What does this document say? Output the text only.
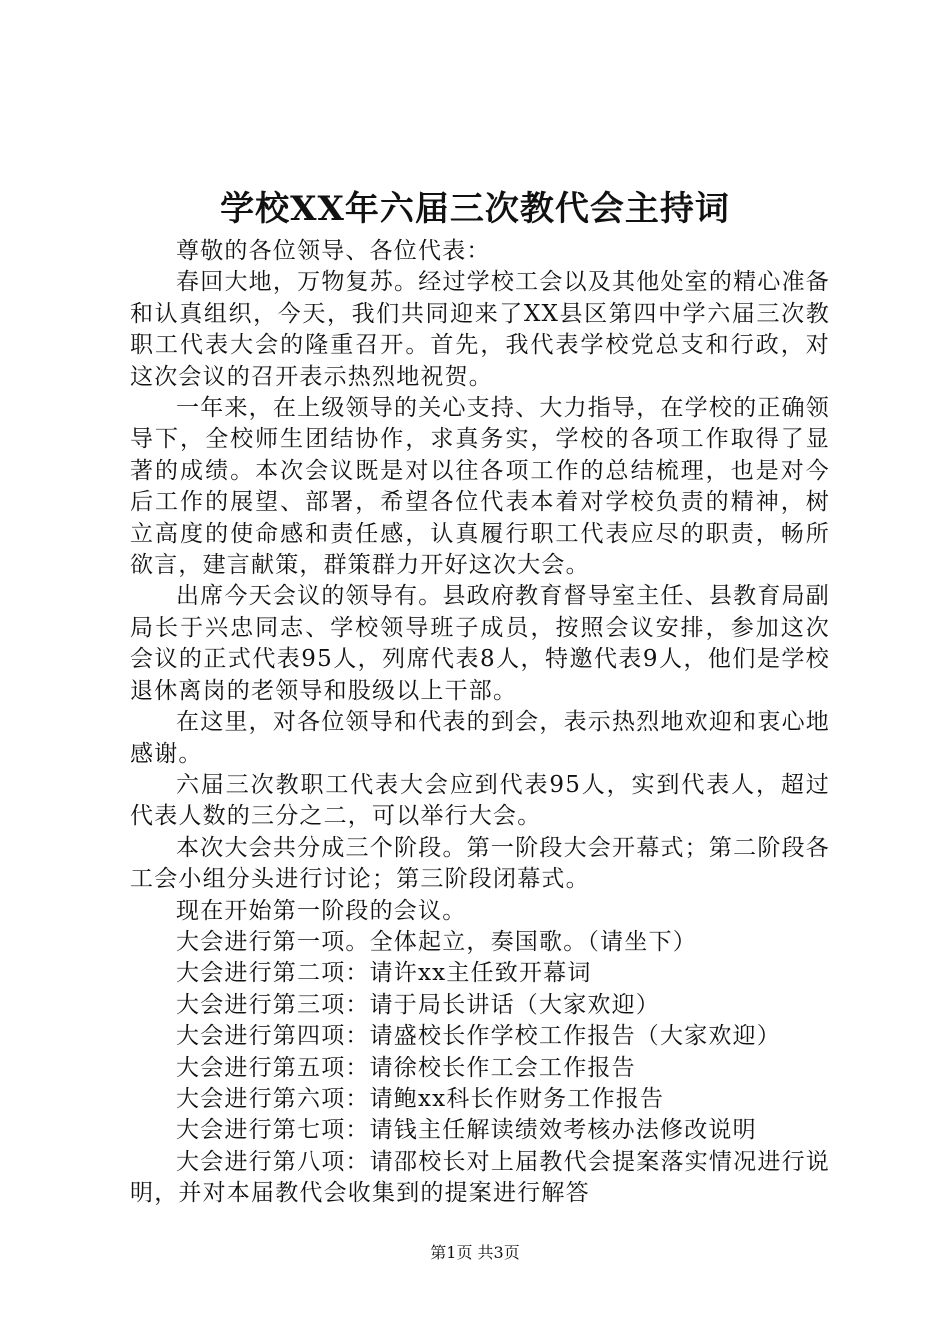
学校XX年六届三次教代会主持词

尊敬的各位领导、各位代表：

春回大地，万物复苏。经过学校工会以及其他处室的精心准备和认真组织，今天，我们共同迎来了XX县区第四中学六届三次教职工代表大会的隆重召开。首先，我代表学校党总支和行政，对这次会议的召开表示热烈地祝贺。

一年来，在上级领导的关心支持、大力指导，在学校的正确领导下，全校师生团结协作，求真务实，学校的各项工作取得了显著的成绩。本次会议既是对以往各项工作的总结梳理，也是对今后工作的展望、部署，希望各位代表本着对学校负责的精神，树立高度的使命感和责任感，认真履行职工代表应尽的职责，畅所欲言，建言献策，群策群力开好这次大会。

出席今天会议的领导有。县政府教育督导室主任、县教育局副局长于兴忠同志、学校领导班子成员，按照会议安排，参加这次会议的正式代表95人，列席代表8人，特邀代表9人，他们是学校退休离岗的老领导和股级以上干部。

在这里，对各位领导和代表的到会，表示热烈地欢迎和衷心地感谢。

六届三次教职工代表大会应到代表95人，实到代表人，超过代表人数的三分之二，可以举行大会。

本次大会共分成三个阶段。第一阶段大会开幕式；第二阶段各工会小组分头进行讨论；第三阶段闭幕式。

现在开始第一阶段的会议。

大会进行第一项。全体起立，奏国歌。（请坐下）

大会进行第二项：请许xx主任致开幕词

大会进行第三项：请于局长讲话（大家欢迎）

大会进行第四项：请盛校长作学校工作报告（大家欢迎）

大会进行第五项：请徐校长作工会工作报告

大会进行第六项：请鲍xx科长作财务工作报告

大会进行第七项：请钱主任解读绩效考核办法修改说明

大会进行第八项：请邵校长对上届教代会提案落实情况进行说明，并对本届教代会收集到的提案进行解答

第1页 共3页
